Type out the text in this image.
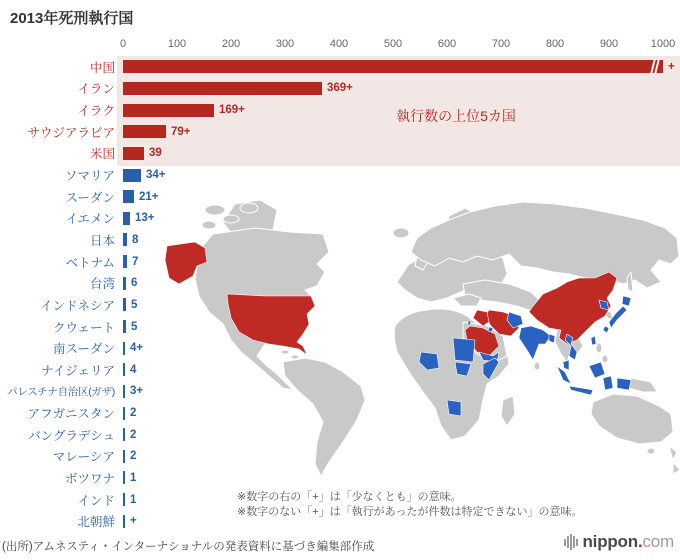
2013年死刑執行国
執行数の上位5カ国
0	100	200	300	400	500	600	700	800	900	1000
中国	+
イラン	369+
イラク	169+
サウジアラビア	79+
米国	39
ソマリア	34+
スーダン	21+
イエメン	13+
日本	8
ベトナム	7
台湾	6
インドネシア	5
クウェート	5
南スーダン	4+
ナイジェリア	4
パレスチナ自治区(ガザ)	3+
アフガニスタン	2
バングラデシュ	2
マレーシア	2
ボツワナ	1
インド	1
北朝鮮	+
※数字の右の「+」は「少なくとも」の意味。
※数字のない「+」は「執行があったが件数は特定できない」の意味。
(出所)アムネスティ・インターナショナルの発表資料に基づき編集部作成	nippon.com
